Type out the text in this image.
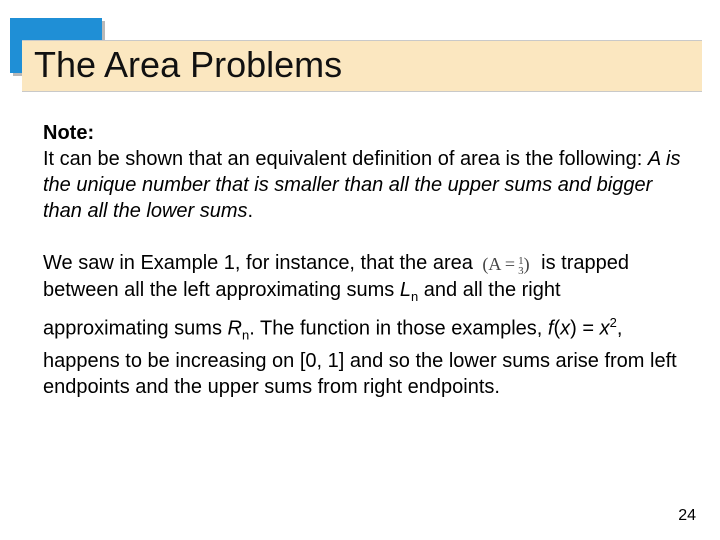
The Area Problems
Note:
It can be shown that an equivalent definition of area is the following: A is the unique number that is smaller than all the upper sums and bigger than all the lower sums.
We saw in Example 1, for instance, that the area (A = 1
3 ) is trapped between all the left approximating sums $L_n$ and all the right approximating sums $R_n$. The function in those examples, $f(x) = x^2$, happens to be increasing on [0, 1] and so the lower sums arise from left endpoints and the upper sums from right endpoints.
24
